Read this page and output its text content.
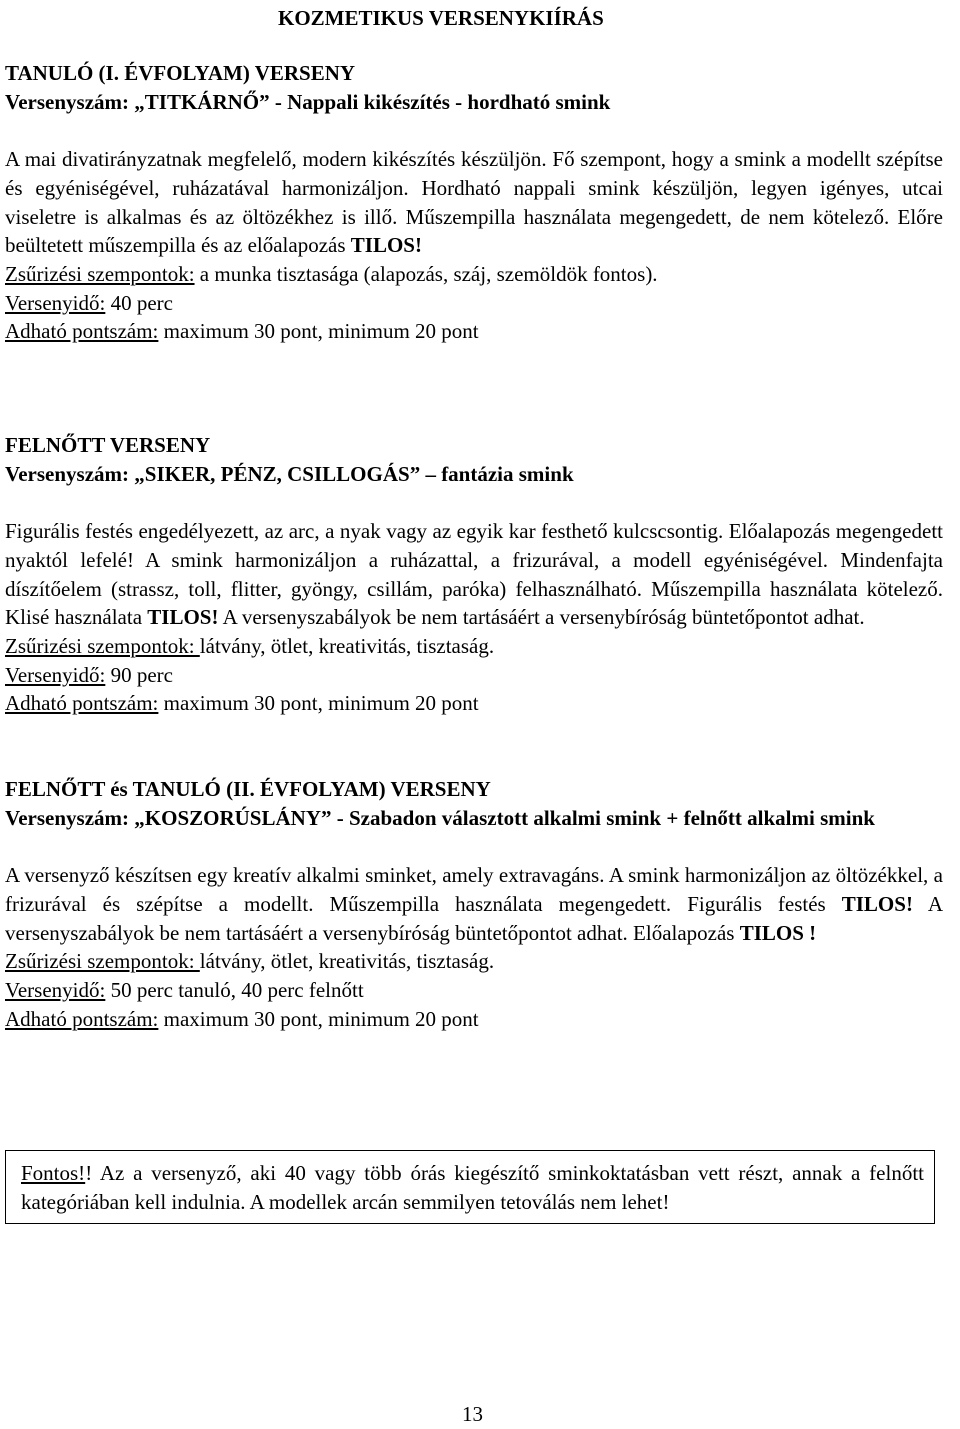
KOZMETIKUS VERSENYKIÍRÁS

TANULÓ (I. ÉVFOLYAM) VERSENY

Versenyszám: „TITKÁRNŐ” - Nappali kikészítés - hordható smink

A mai divatirányzatnak megfelelő, modern kikészítés készüljön. Fő szempont, hogy a smink a modellt szépítse és egyéniségével, ruházatával harmonizáljon. Hordható nappali smink készüljön, legyen igényes, utcai viseletre is alkalmas és az öltözékhez is illő. Műszempilla használata megengedett, de nem kötelező. Előre beültetett műszempilla és az előalapozás TILOS!

Zsűrizési szempontok: a munka tisztasága (alapozás, száj, szemöldök fontos).

Versenyidő: 40 perc

Adható pontszám: maximum 30 pont, minimum 20 pont

FELNŐTT VERSENY

Versenyszám: „SIKER, PÉNZ, CSILLOGÁS” – fantázia smink

Figurális festés engedélyezett, az arc, a nyak vagy az egyik kar festhető kulcscsontig. Előalapozás megengedett nyaktól lefelé! A smink harmonizáljon a ruházattal, a frizurával, a modell egyéniségével. Mindenfajta díszítőelem (strassz, toll, flitter, gyöngy, csillám, paróka) felhasználható. Műszempilla használata kötelező. Klisé használata TILOS! A versenyszabályok be nem tartásáért a versenybíróság büntetőpontot adhat.

Zsűrizési szempontok: látvány, ötlet, kreativitás, tisztaság.

Versenyidő: 90 perc

Adható pontszám: maximum 30 pont, minimum 20 pont

FELNŐTT és TANULÓ (II. ÉVFOLYAM) VERSENY

Versenyszám: „KOSZORÚSLÁNY” - Szabadon választott alkalmi smink + felnőtt alkalmi smink

A versenyző készítsen egy kreatív alkalmi sminket, amely extravagáns. A smink harmonizáljon az öltözékkel, a frizurával és szépítse a modellt. Műszempilla használata megengedett. Figurális festés TILOS! A versenyszabályok be nem tartásáért a versenybíróság büntetőpontot adhat. Előalapozás TILOS !

Zsűrizési szempontok: látvány, ötlet, kreativitás, tisztaság.

Versenyidő: 50 perc tanuló, 40 perc felnőtt

Adható pontszám: maximum 30 pont, minimum 20 pont

Fontos!! Az a versenyző, aki 40 vagy több órás kiegészítő sminkoktatásban vett részt, annak a felnőtt kategóriában kell indulnia. A modellek arcán semmilyen tetoválás nem lehet!
13
